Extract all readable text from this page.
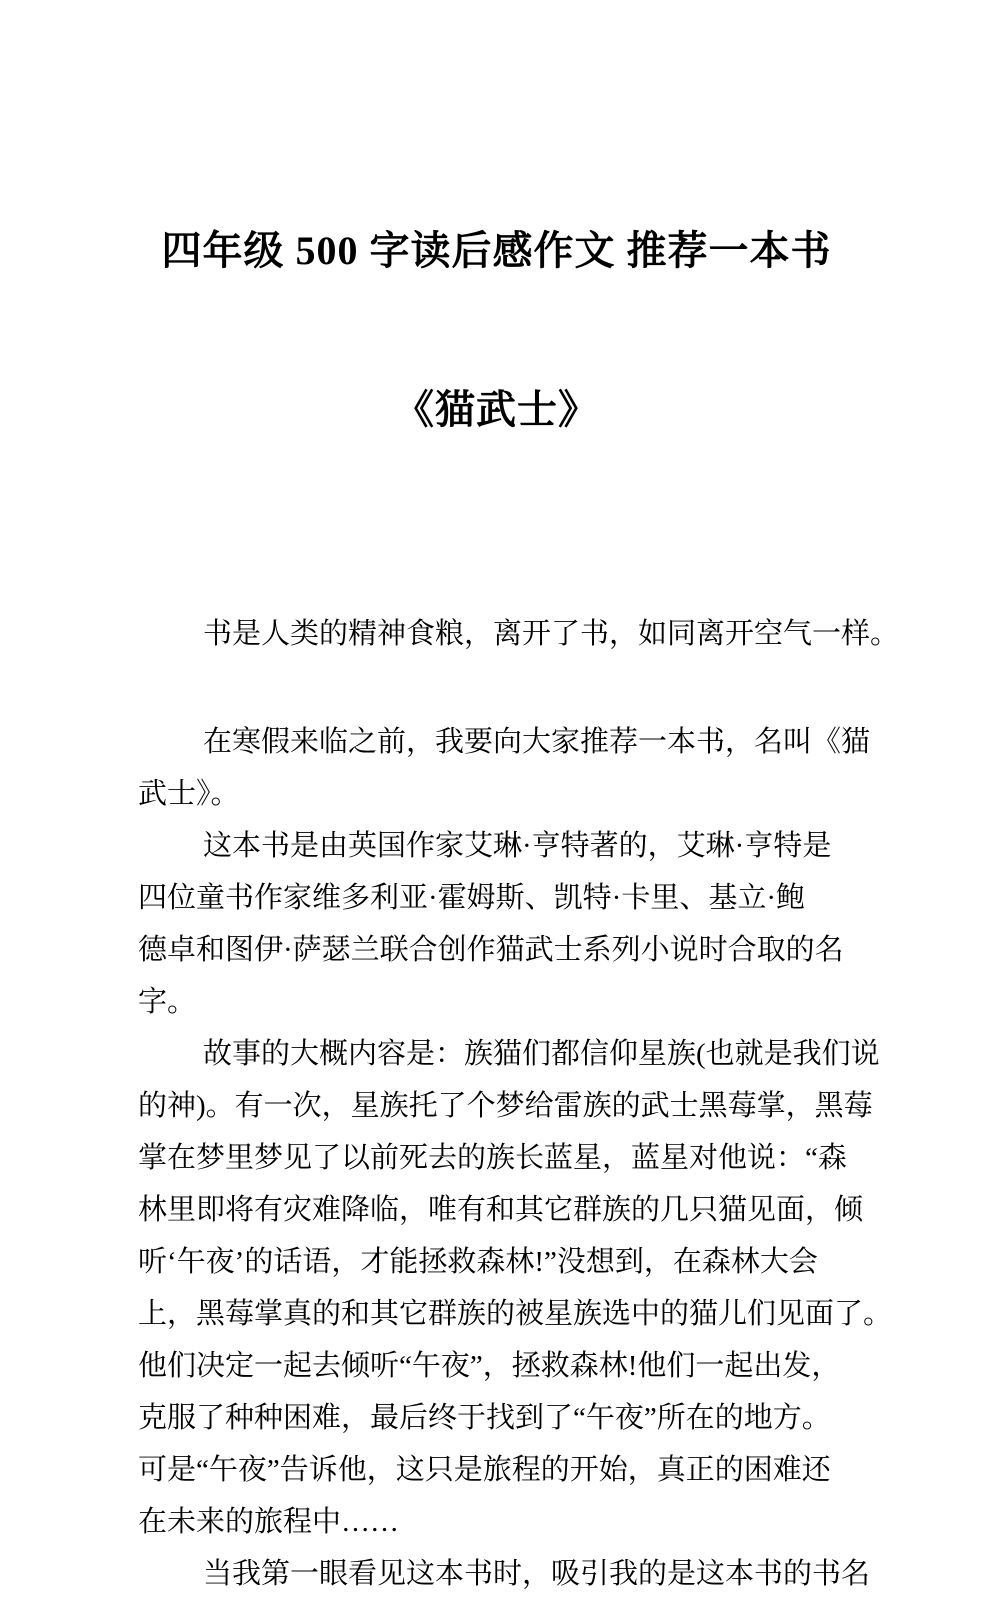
四年级 500 字读后感作文 推荐一本书

《猫武士》

书是人类的精神食粮，离开了书，如同离开空气一样。
在寒假来临之前，我要向大家推荐一本书，名叫《猫
武士》。
这本书是由英国作家艾琳·亨特著的，艾琳·亨特是
四位童书作家维多利亚·霍姆斯、凯特·卡里、基立·鲍
德卓和图伊·萨瑟兰联合创作猫武士系列小说时合取的名
字。
故事的大概内容是：族猫们都信仰星族(也就是我们说
的神)。有一次，星族托了个梦给雷族的武士黑莓掌，黑莓
掌在梦里梦见了以前死去的族长蓝星，蓝星对他说：“森
林里即将有灾难降临，唯有和其它群族的几只猫见面，倾
听‘午夜’的话语，才能拯救森林!”没想到，在森林大会
上，黑莓掌真的和其它群族的被星族选中的猫儿们见面了。
他们决定一起去倾听“午夜”，拯救森林!他们一起出发，
克服了种种困难，最后终于找到了“午夜”所在的地方。
可是“午夜”告诉他，这只是旅程的开始，真正的困难还
在未来的旅程中……
当我第一眼看见这本书时，吸引我的是这本书的书名
